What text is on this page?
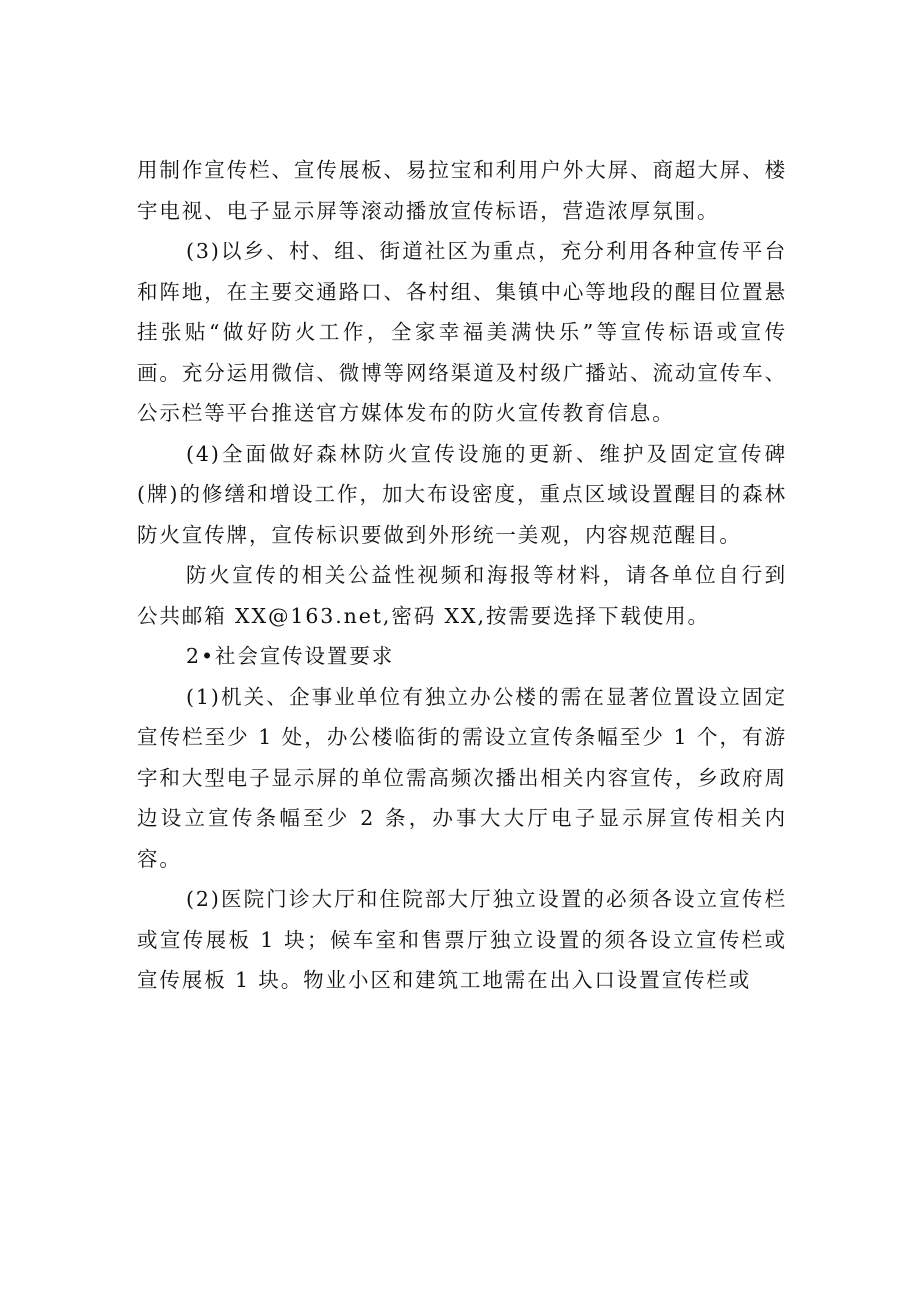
用制作宣传栏、宣传展板、易拉宝和利用户外大屏、商超大屏、楼宇电视、电子显示屏等滚动播放宣传标语，营造浓厚氛围。

(3)以乡、村、组、街道社区为重点，充分利用各种宣传平台和阵地，在主要交通路口、各村组、集镇中心等地段的醒目位置悬挂张贴“做好防火工作，全家幸福美满快乐”等宣传标语或宣传画。充分运用微信、微博等网络渠道及村级广播站、流动宣传车、公示栏等平台推送官方媒体发布的防火宣传教育信息。

(4)全面做好森林防火宣传设施的更新、维护及固定宣传碑(牌)的修缮和增设工作，加大布设密度，重点区域设置醒目的森林防火宣传牌，宣传标识要做到外形统一美观，内容规范醒目。

防火宣传的相关公益性视频和海报等材料，请各单位自行到公共邮箱 XX@163.net,密码 XX,按需要选择下载使用。

2•社会宣传设置要求

(1)机关、企事业单位有独立办公楼的需在显著位置设立固定宣传栏至少 1 处，办公楼临街的需设立宣传条幅至少 1 个，有游字和大型电子显示屏的单位需高频次播出相关内容宣传，乡政府周边设立宣传条幅至少 2 条，办事大大厅电子显示屏宣传相关内容。

(2)医院门诊大厅和住院部大厅独立设置的必须各设立宣传栏或宣传展板 1 块；候车室和售票厅独立设置的须各设立宣传栏或宣传展板 1 块。物业小区和建筑工地需在出入口设置宣传栏或
